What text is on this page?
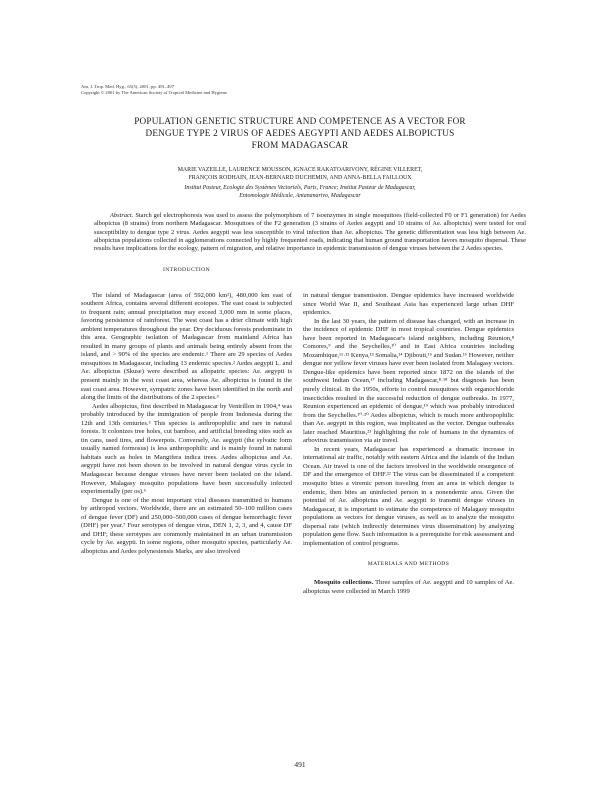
Am. J. Trop. Med. Hyg., 65(5), 2001, pp. 491–497
Copyright © 2001 by The American Society of Tropical Medicine and Hygiene
POPULATION GENETIC STRUCTURE AND COMPETENCE AS A VECTOR FOR
DENGUE TYPE 2 VIRUS OF AEDES AEGYPTI AND AEDES ALBOPICTUS
FROM MADAGASCAR
MARIE VAZEILLE, LAURENCE MOUSSON, IGNACE RAKATOARIVONY, RÉGINE VILLERET,
FRANÇOIS RODHAIN, JEAN-BERNARD DUCHEMIN, AND ANNA-BELLA FAILLOUX
Institut Pasteur, Ecologie des Systèmes Vectoriels, Paris, France; Institut Pasteur de Madagascar,
Entomologie Médicale, Antananarivo, Madagascar
Abstract. Starch gel electrophoresis was used to assess the polymorphism of 7 isoenzymes in single mosquitoes (field-collected F0 or F1 generation) for Aedes albopictus (8 strains) from northern Madagascar. Mosquitoes of the F2 generation (3 strains of Aedes aegypti and 10 strains of Ae. albopictus) were tested for oral susceptibility to dengue type 2 virus. Aedes aegypti was less susceptible to viral infection than Ae. albopictus. The genetic differentiation was less high between Ae. albopictus populations collected in agglomerations connected by highly frequented roads, indicating that human ground transportation favors mosquito dispersal. These results have implications for the ecology, pattern of migration, and relative importance in epidemic transmission of dengue viruses between the 2 Aedes species.
INTRODUCTION

The island of Madagascar (area of 592,000 km²), 480,000 km east of southern Africa, contains several different ecotopes. The east coast is subjected to frequent rain; annual precipitation may exceed 3,000 mm in some places, favoring persistence of rainforest. The west coast has a drier climate with high ambient temperatures throughout the year. Dry deciduous forests predominate in this area. Geographic isolation of Madagascar from mainland Africa has resulted in many groups of plants and animals being entirely absent from the island, and > 90% of the species are endemic.¹ There are 29 species of Aedes mosquitoes in Madagascar, including 13 endemic species.² Aedes aegypti L. and Ae. albopictus (Skuse) were described as allopatric species: Ae. aegypti is present mainly in the west coast area, whereas Ae. albopictus is found in the east coast area. However, sympatric zones have been identified in the north and along the limits of the distributions of the 2 species.³

Aedes albopictus, first described in Madagascar by Ventrillon in 1904,⁴ was probably introduced by the immigration of people from Indonesia during the 12th and 13th centuries.⁵ This species is anthropophilic and rare in natural forests. It colonizes tree holes, cut bamboo, and artificial breeding sites such as tin cans, used tires, and flowerpots. Conversely, Ae. aegypti (the sylvatic form usually named formosus) is less anthropophilic and is mainly found in natural habitats such as holes in Mangifera indica trees. Aedes albopictus and Ae. aegypti have not been shown to be involved in natural dengue virus cycle in Madagascar because dengue viruses have never been isolated on the island. However, Malagasy mosquito populations have been successfully infected experimentally (per os).⁶

Dengue is one of the most important viral diseases transmitted to humans by arthropod vectors. Worldwide, there are an estimated 50–100 million cases of dengue fever (DF) and 250,000–500,000 cases of dengue hemorrhagic fever (DHF) per year.⁷ Four serotypes of dengue virus, DEN 1, 2, 3, and 4, cause DF and DHF; these serotypes are commonly maintained in an urban transmission cycle by Ae. aegypti. In some regions, other mosquito species, particularly Ae. albopictus and Aedes polynesiensis Marks, are also involved

in natural dengue transmission. Dengue epidemics have increased worldwide since World War II, and Southeast Asia has experienced large urban DHF epidemics.

In the last 30 years, the pattern of disease has changed, with an increase in the incidence of epidemic DHF in most tropical countries. Dengue epidemics have been reported in Madagascar's island neighbors, including Reunion,⁸ Comores,⁹ and the Seychelles,¹⁰ and in East Africa countries including Mozambique,¹¹·¹² Kenya,¹³ Somalia,¹⁴ Djibouti,¹⁵ and Sudan.¹⁶ However, neither dengue nor yellow fever viruses have ever been isolated from Malagasy vectors. Dengue-like epidemics have been reported since 1872 on the islands of the southwest Indian Ocean,¹⁷ including Madagascar,⁸·¹⁸ but diagnosis has been purely clinical. In the 1950s, efforts to control mosquitoes with organochloride insecticides resulted in the successful reduction of dengue outbreaks. In 1977, Reunion experienced an epidemic of dengue,¹⁹ which was probably introduced from the Seychelles.¹⁰·²⁰ Aedes albopictus, which is much more anthropophilic than Ae. aegypti in this region, was implicated as the vector. Dengue outbreaks later reached Mauritius,²¹ highlighting the role of humans in the dynamics of arbovirus transmission via air travel.

In recent years, Madagascar has experienced a dramatic increase in international air traffic, notably with eastern Africa and the islands of the Indian Ocean. Air travel is one of the factors involved in the worldwide resurgence of DF and the emergence of DHF.²² The virus can be disseminated if a competent mosquito bites a viremic person traveling from an area in which dengue is endemic, then bites an uninfected person in a nonendemic area. Given the potential of Ae. albopictus and Ae. aegypti to transmit dengue viruses in Madagascar, it is important to estimate the competence of Malagasy mosquito populations as vectors for dengue viruses, as well as to analyze the mosquito dispersal rate (which indirectly determines virus dissemination) by analyzing population gene flow. Such information is a prerequisite for risk assessment and implementation of control programs.

MATERIALS AND METHODS

Mosquito collections. Three samples of Ae. aegypti and 10 samples of Ae. albopictus were collected in March 1999

491
